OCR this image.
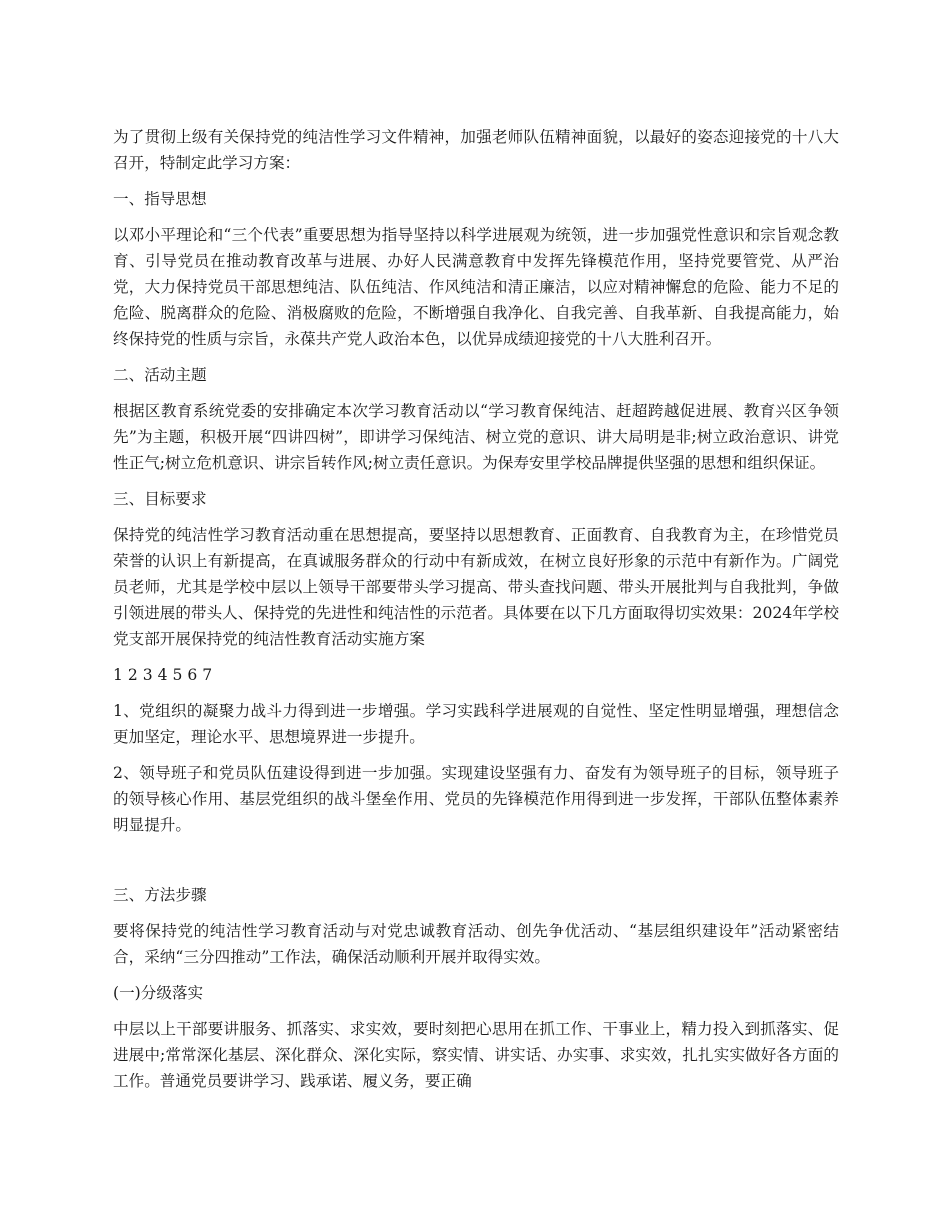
为了贯彻上级有关保持党的纯洁性学习文件精神，加强老师队伍精神面貌，以最好的姿态迎接党的十八大召开，特制定此学习方案：

一、指导思想

以邓小平理论和“三个代表”重要思想为指导坚持以科学进展观为统领，进一步加强党性意识和宗旨观念教育、引导党员在推动教育改革与进展、办好人民满意教育中发挥先锋模范作用，坚持党要管党、从严治党，大力保持党员干部思想纯洁、队伍纯洁、作风纯洁和清正廉洁，以应对精神懈怠的危险、能力不足的危险、脱离群众的危险、消极腐败的危险，不断增强自我净化、自我完善、自我革新、自我提高能力，始终保持党的性质与宗旨，永葆共产党人政治本色，以优异成绩迎接党的十八大胜利召开。

二、活动主题

根据区教育系统党委的安排确定本次学习教育活动以“学习教育保纯洁、赶超跨越促进展、教育兴区争领先”为主题，积极开展“四讲四树”，即讲学习保纯洁、树立党的意识、讲大局明是非;树立政治意识、讲党性正气;树立危机意识、讲宗旨转作风;树立责任意识。为保寿安里学校品牌提供坚强的思想和组织保证。

三、目标要求

保持党的纯洁性学习教育活动重在思想提高，要坚持以思想教育、正面教育、自我教育为主，在珍惜党员荣誉的认识上有新提高，在真诚服务群众的行动中有新成效，在树立良好形象的示范中有新作为。广阔党员老师，尤其是学校中层以上领导干部要带头学习提高、带头查找问题、带头开展批判与自我批判，争做引领进展的带头人、保持党的先进性和纯洁性的示范者。具体要在以下几方面取得切实效果：2024年学校党支部开展保持党的纯洁性教育活动实施方案

1 2 3 4 5 6 7

1、党组织的凝聚力战斗力得到进一步增强。学习实践科学进展观的自觉性、坚定性明显增强，理想信念更加坚定，理论水平、思想境界进一步提升。

2、领导班子和党员队伍建设得到进一步加强。实现建设坚强有力、奋发有为领导班子的目标，领导班子的领导核心作用、基层党组织的战斗堡垒作用、党员的先锋模范作用得到进一步发挥，干部队伍整体素养明显提升。

三、方法步骤

要将保持党的纯洁性学习教育活动与对党忠诚教育活动、创先争优活动、“基层组织建设年”活动紧密结合，采纳“三分四推动”工作法，确保活动顺利开展并取得实效。

(一)分级落实

中层以上干部要讲服务、抓落实、求实效，要时刻把心思用在抓工作、干事业上，精力投入到抓落实、促进展中;常常深化基层、深化群众、深化实际，察实情、讲实话、办实事、求实效，扎扎实实做好各方面的工作。普通党员要讲学习、践承诺、履义务，要正确
